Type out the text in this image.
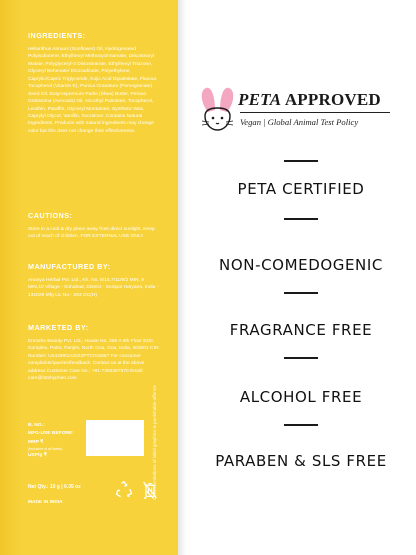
INGREDIENTS:
Helianthus Annuus (Sunflower) Oil, Hydrogenated Polyisobutene, Ethylhexyl Methoxycinnamate, Diisostearyl Malate, Polyglyceryl-3 Diisostearate, Ethylhexyl Triazone, Glyceryl Behenate/ Eicosadioate, Polyethylene, Caprylic/Capric Triglyceride, Kojic Acid Dipalmitate, Flavour, Tocopherol (Vitamin E), Punica Granatum (Pomegranate) Seed Oil, Butyrospermum Parkii (Shea) Butter, Persea Gratissima (Avocado) Oil, Ascorbyl Palmitate, Tocopherol, Lecithin, Paraffin, Glyceryl Montanate, Synthetic Wax, Caprylyl Glycol, Vanillin, Sucralose. Contains Natural Ingredients, Products with natural ingredients may change color but this does not change their effectiveness.
CAUTIONS:
Store in a cool & dry place away from direct sunlight. Keep out of reach of children. FOR EXTERNAL USE ONLY
MANUFACTURED BY:
Ananya Herbal Pvt. Ltd., Kh. No. 6/15,7/11/8/2 MIN, 9 MIN,10 Village - Sohabad, District - Sonipat Haryana, India - 131029 Mfg Lic No.- 293 OC(H)
MARKETED BY:
Emoshe Beauty Pvt. Ltd., House No. 305 A 6th Floor EDC Complex, Patto, Panjim, North Goa, Goa, India, 403001 CIN Number: U24299GA2022PTC015887 For consumer complaints/queries/feedback: Contact us at the above address Customer Care No.: +91-7350387670 Email: care@lotshyphen.com
B. NO.:
MFG-USE BEFORE:
MRP ₹
(inclusive of all taxes)
USP/g ₹
Net Qty.: 10 g | 0.35 oz
MADE IN INDIA
©2024, imitations of label graphics is punishable offence
PETA APPROVED
Vegan | Global Animal Test Policy
PETA CERTIFIED
NON-COMEDOGENIC
FRAGRANCE FREE
ALCOHOL FREE
PARABEN & SLS FREE
